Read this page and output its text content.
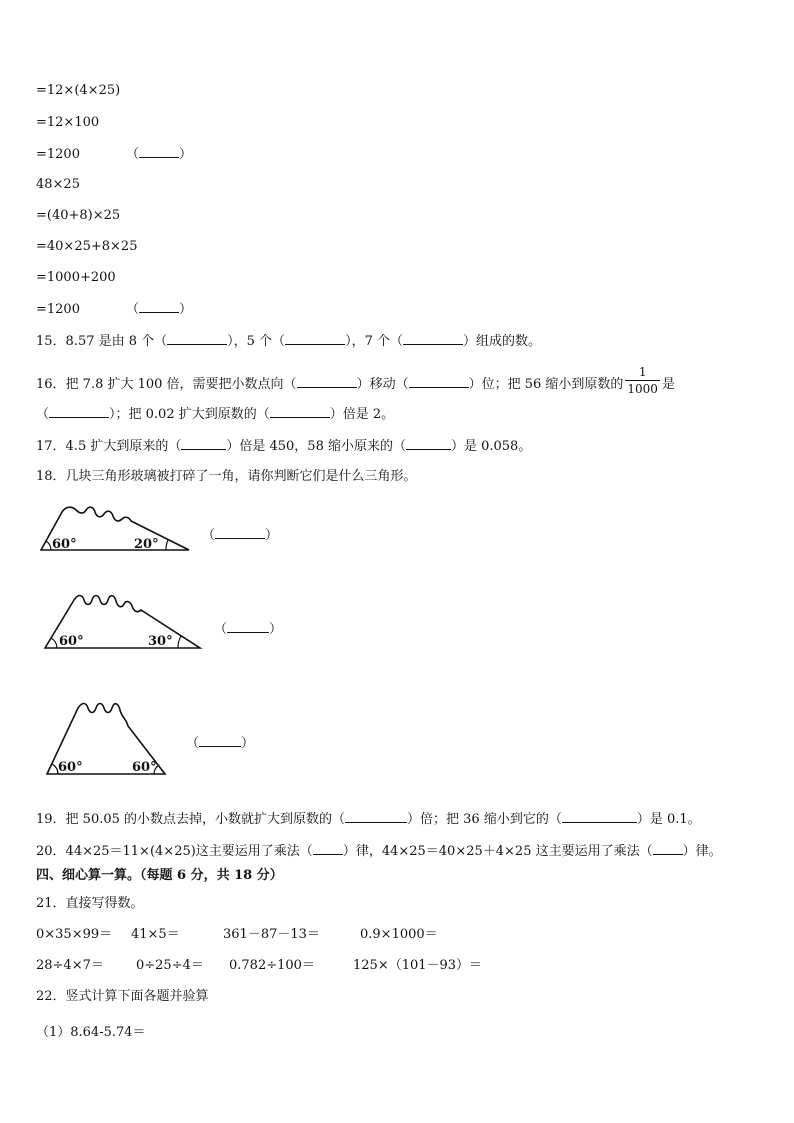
=12×(4×25)
=12×100
=1200	（	）
48×25
=(40+8)×25
=40×25+8×25
=1000+200
=1200	（	）
15．8.57 是由 8 个（	），5 个（	），7 个（	）组成的数。
16．把 7.8 扩大 100 倍，需要把小数点向（	）移动（	）位；把 56 缩小到原数的 $\frac{1}{1000}$ 是
（	）；把 0.02 扩大到原数的（	）倍是 2。
17．4.5 扩大到原来的（	）倍是 450，58 缩小原来的（	）是 0.058。
18．几块三角形玻璃被打碎了一角，请你判断它们是什么三角形。
60°	20°
（	）
60°	30°
（	）
60°	60°
（	）
19．把 50.05 的小数点去掉，小数就扩大到原数的（	）倍；把 36 缩小到它的（	）是 0.1。
20．44×25＝11×(4×25)这主要运用了乘法（ ）律，44×25＝40×25＋4×25 这主要运用了乘法（ ）律。
四、细心算一算。（每题 6 分，共 18 分）
21．直接写得数。
0×35×99＝ 41×5＝	361－87－13＝	0.9×1000＝
28÷4×7＝ 0÷25÷4＝ 0.782÷100＝	125×（101－93）＝
22．竖式计算下面各题并验算
（1）8.64-5.74＝
